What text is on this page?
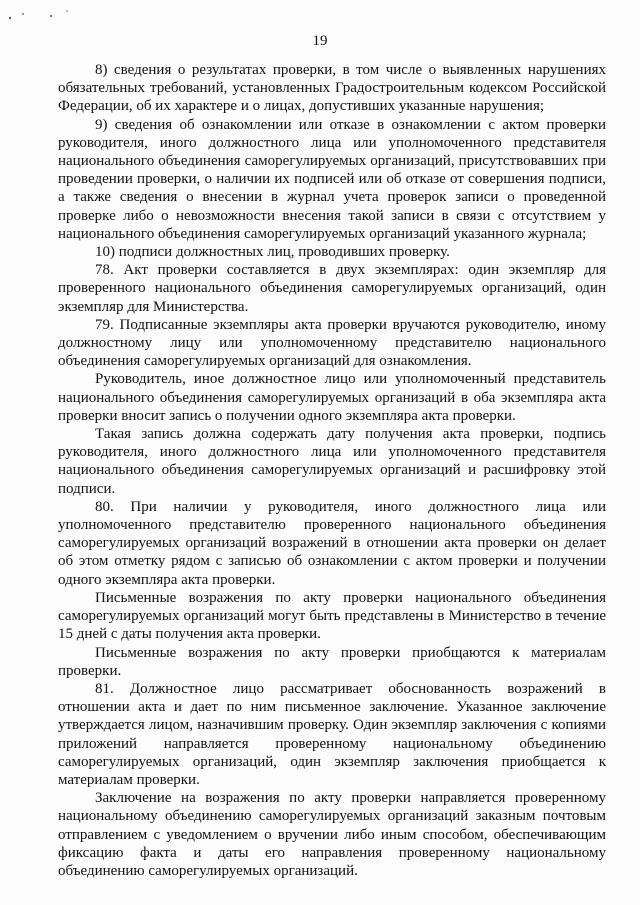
19

8) сведения о результатах проверки, в том числе о выявленных нарушениях обязательных требований, установленных Градостроительным кодексом Российской Федерации, об их характере и о лицах, допустивших указанные нарушения;

9) сведения об ознакомлении или отказе в ознакомлении с актом проверки руководителя, иного должностного лица или уполномоченного представителя национального объединения саморегулируемых организаций, присутствовавших при проведении проверки, о наличии их подписей или об отказе от совершения подписи, а также сведения о внесении в журнал учета проверок записи о проведенной проверке либо о невозможности внесения такой записи в связи с отсутствием у национального объединения саморегулируемых организаций указанного журнала;

10) подписи должностных лиц, проводивших проверку.

78. Акт проверки составляется в двух экземплярах: один экземпляр для проверенного национального объединения саморегулируемых организаций, один экземпляр для Министерства.

79. Подписанные экземпляры акта проверки вручаются руководителю, иному должностному лицу или уполномоченному представителю национального объединения саморегулируемых организаций для ознакомления.

Руководитель, иное должностное лицо или уполномоченный представитель национального объединения саморегулируемых организаций в оба экземпляра акта проверки вносит запись о получении одного экземпляра акта проверки.

Такая запись должна содержать дату получения акта проверки, подпись руководителя, иного должностного лица или уполномоченного представителя национального объединения саморегулируемых организаций и расшифровку этой подписи.

80. При наличии у руководителя, иного должностного лица или уполномоченного представителю проверенного национального объединения саморегулируемых организаций возражений в отношении акта проверки он делает об этом отметку рядом с записью об ознакомлении с актом проверки и получении одного экземпляра акта проверки.

Письменные возражения по акту проверки национального объединения саморегулируемых организаций могут быть представлены в Министерство в течение 15 дней с даты получения акта проверки.

Письменные возражения по акту проверки приобщаются к материалам проверки.

81. Должностное лицо рассматривает обоснованность возражений в отношении акта и дает по ним письменное заключение. Указанное заключение утверждается лицом, назначившим проверку. Один экземпляр заключения с копиями приложений направляется проверенному национальному объединению саморегулируемых организаций, один экземпляр заключения приобщается к материалам проверки.

Заключение на возражения по акту проверки направляется проверенному национальному объединению саморегулируемых организаций заказным почтовым отправлением с уведомлением о вручении либо иным способом, обеспечивающим фиксацию факта и даты его направления проверенному национальному объединению саморегулируемых организаций.
